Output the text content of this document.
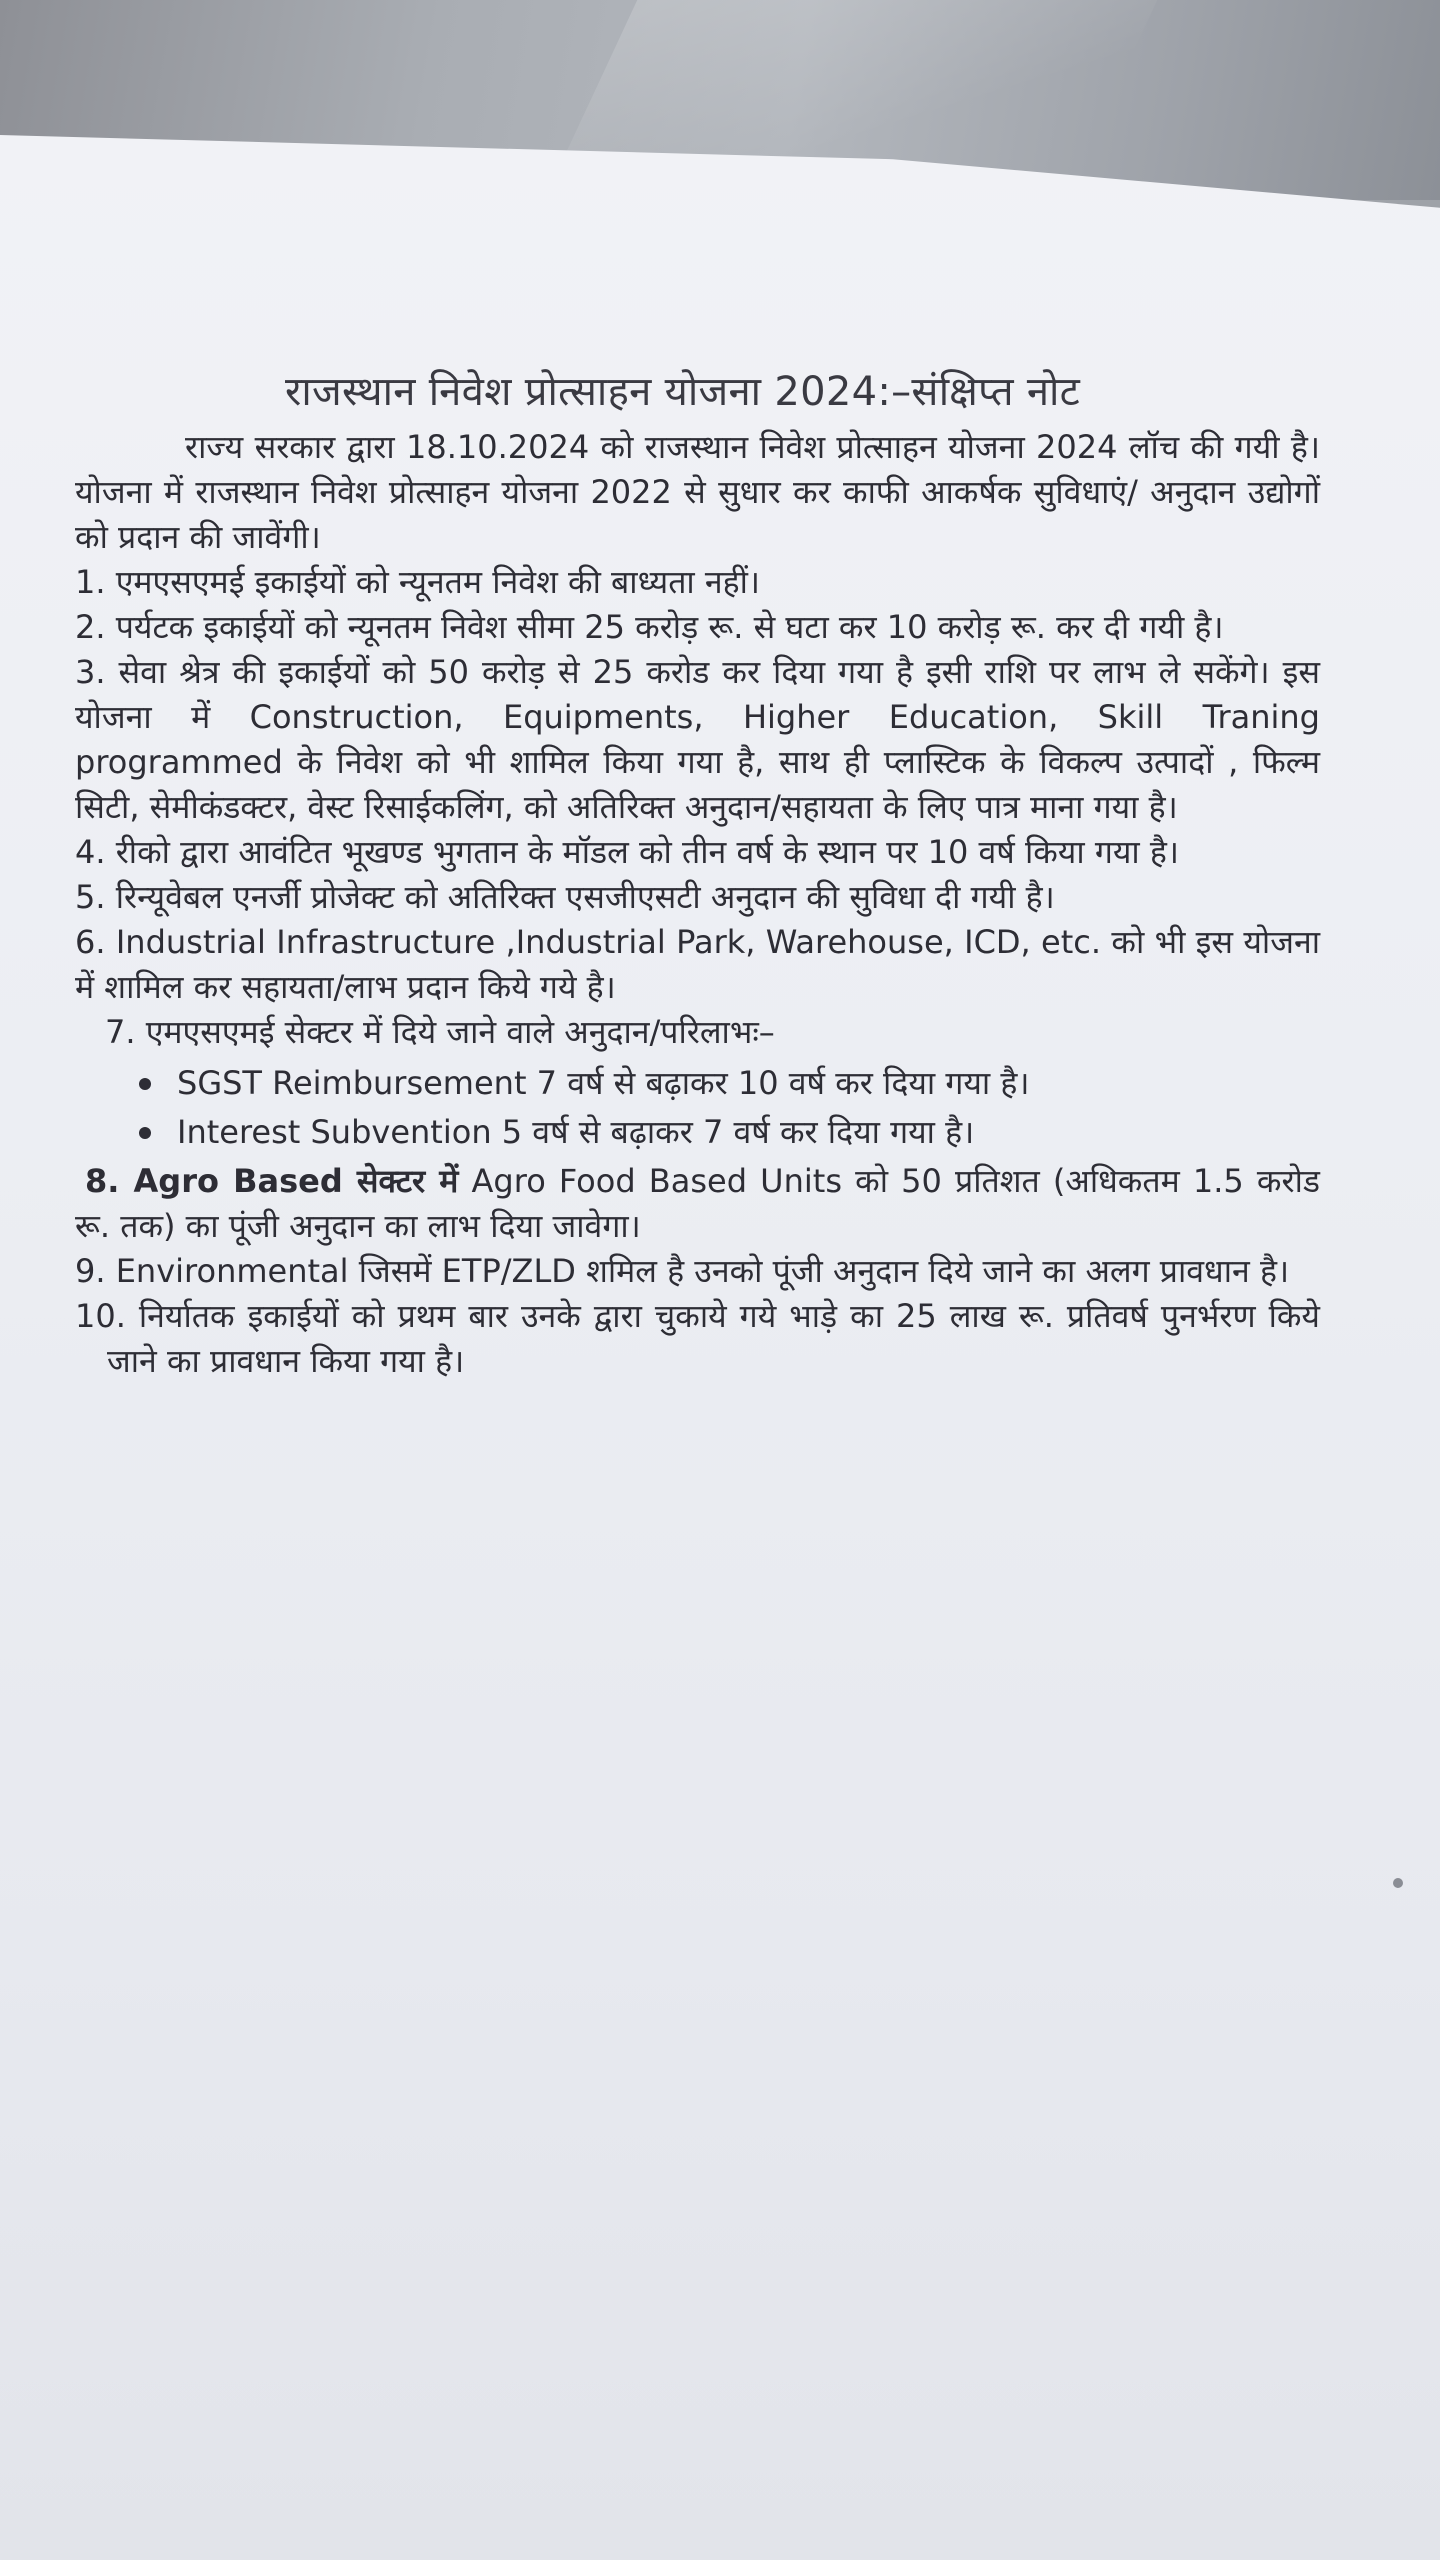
राजस्थान निवेश प्रोत्साहन योजना 2024:–संक्षिप्त नोट

राज्य सरकार द्वारा 18.10.2024 को राजस्थान निवेश प्रोत्साहन योजना 2024 लॉच की गयी है। योजना में राजस्थान निवेश प्रोत्साहन योजना 2022 से सुधार कर काफी आकर्षक सुविधाएं/ अनुदान उद्योगों को प्रदान की जावेंगी।

1. एमएसएमई इकाईयों को न्यूनतम निवेश की बाध्यता नहीं।

2. पर्यटक इकाईयों को न्यूनतम निवेश सीमा 25 करोड़ रू. से घटा कर 10 करोड़ रू. कर दी गयी है।

3. सेवा श्रेत्र की इकाईयों को 50 करोड़ से 25 करोड कर दिया गया है इसी राशि पर लाभ ले सकेंगे। इस योजना में Construction, Equipments, Higher Education, Skill Traning programmed के निवेश को भी शामिल किया गया है, साथ ही प्लास्टिक के विकल्प उत्पादों , फिल्म सिटी, सेमीकंडक्टर, वेस्ट रिसाईकलिंग, को अतिरिक्त अनुदान/सहायता के लिए पात्र माना गया है।

4. रीको द्वारा आवंटित भूखण्ड भुगतान के मॉडल को तीन वर्ष के स्थान पर 10 वर्ष किया गया है।

5. रिन्यूवेबल एनर्जी प्रोजेक्ट को अतिरिक्त एसजीएसटी अनुदान की सुविधा दी गयी है।

6. Industrial Infrastructure ,Industrial Park, Warehouse, ICD, etc. को भी इस योजना में शामिल कर सहायता/लाभ प्रदान किये गये है।

7. एमएसएमई सेक्टर में दिये जाने वाले अनुदान/परिलाभः–

SGST Reimbursement 7 वर्ष से बढ़ाकर 10 वर्ष कर दिया गया है।
Interest Subvention 5 वर्ष से बढ़ाकर 7 वर्ष कर दिया गया है।

8. Agro Based सेक्टर में Agro Food Based Units को 50 प्रतिशत (अधिकतम 1.5 करोड रू. तक) का पूंजी अनुदान का लाभ दिया जावेगा।

9. Environmental जिसमें ETP/ZLD शमिल है उनको पूंजी अनुदान दिये जाने का अलग प्रावधान है।

10. निर्यातक इकाईयों को प्रथम बार उनके द्वारा चुकाये गये भाड़े का 25 लाख रू. प्रतिवर्ष पुनर्भरण किये जाने का प्रावधान किया गया है।
